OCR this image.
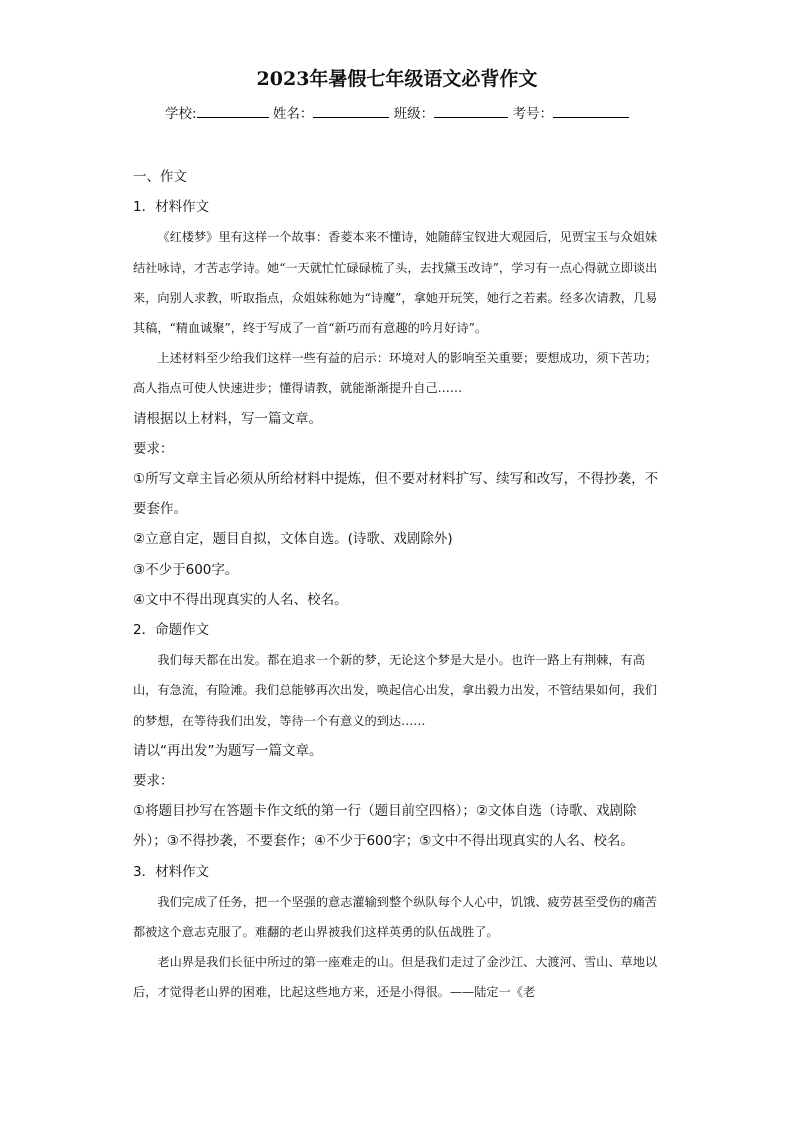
2023年暑假七年级语文必背作文
学校:	姓名：	班级：	考号：

一、作文

1．材料作文

《红楼梦》里有这样一个故事：香菱本来不懂诗，她随薛宝钗进大观园后，见贾宝玉与众姐妹结社咏诗，才苦志学诗。她“一天就忙忙碌碌梳了头，去找黛玉改诗”，学习有一点心得就立即谈出来，向别人求教，听取指点，众姐妹称她为“诗魔”，拿她开玩笑，她行之若素。经多次请教，几易其稿，“精血诚聚”，终于写成了一首“新巧而有意趣的吟月好诗”。

上述材料至少给我们这样一些有益的启示：环境对人的影响至关重要；要想成功，须下苦功；高人指点可使人快速进步；懂得请教，就能渐渐提升自己……

请根据以上材料，写一篇文章。

要求：

①所写文章主旨必须从所给材料中提炼，但不要对材料扩写、续写和改写，不得抄袭，不要套作。

②立意自定，题目自拟，文体自选。(诗歌、戏剧除外)

③不少于600字。

④文中不得出现真实的人名、校名。

2．命题作文

我们每天都在出发。都在追求一个新的梦，无论这个梦是大是小。也许一路上有荆棘，有高山，有急流，有险滩。我们总能够再次出发，唤起信心出发，拿出毅力出发，不管结果如何，我们的梦想，在等待我们出发，等待一个有意义的到达……

请以“再出发”为题写一篇文章。

要求：

①将题目抄写在答题卡作文纸的第一行（题目前空四格）；②文体自选（诗歌、戏剧除外）；③不得抄袭，不要套作；④不少于600字；⑤文中不得出现真实的人名、校名。

3．材料作文

我们完成了任务，把一个坚强的意志灌输到整个纵队每个人心中，饥饿、疲劳甚至受伤的痛苦都被这个意志克服了。难翻的老山界被我们这样英勇的队伍战胜了。

老山界是我们长征中所过的第一座难走的山。但是我们走过了金沙江、大渡河、雪山、草地以后，才觉得老山界的困难，比起这些地方来，还是小得很。——陆定一《老
